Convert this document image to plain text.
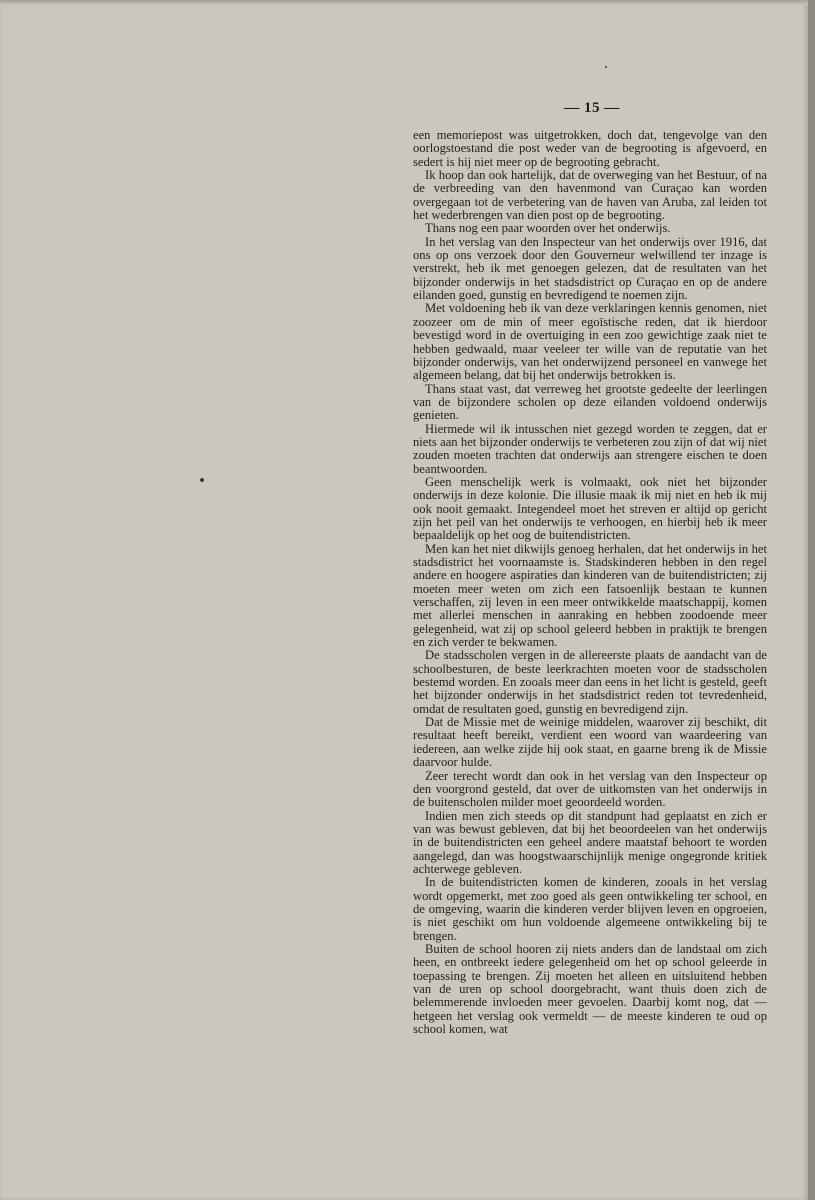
— 15 —

een memoriepost was uitgetrokken, doch dat, tengevolge van den oorlogstoestand die post weder van de begrooting is afgevoerd, en sedert is hij niet meer op de begrooting gebracht.

Ik hoop dan ook hartelijk, dat de overweging van het Bestuur, of na de verbreeding van den havenmond van Curaçao kan worden overgegaan tot de verbetering van de haven van Aruba, zal leiden tot het wederbrengen van dien post op de begrooting.

Thans nog een paar woorden over het onderwijs.

In het verslag van den Inspecteur van het onderwijs over 1916, dat ons op ons verzoek door den Gouverneur welwillend ter inzage is verstrekt, heb ik met genoegen gelezen, dat de resultaten van het bijzonder onderwijs in het stadsdistrict op Curaçao en op de andere eilanden goed, gunstig en bevredigend te noemen zijn.

Met voldoening heb ik van deze verklaringen kennis genomen, niet zoozeer om de min of meer egoïstische reden, dat ik hierdoor bevestigd word in de overtuiging in een zoo gewichtige zaak niet te hebben gedwaald, maar veeleer ter wille van de reputatie van het bijzonder onderwijs, van het onderwijzend personeel en vanwege het algemeen belang, dat bij het onderwijs betrokken is.

Thans staat vast, dat verreweg het grootste gedeelte der leerlingen van de bijzondere scholen op deze eilanden voldoend onderwijs genieten.

Hiermede wil ik intusschen niet gezegd worden te zeggen, dat er niets aan het bijzonder onderwijs te verbeteren zou zijn of dat wij niet zouden moeten trachten dat onderwijs aan strengere eischen te doen beantwoorden.

Geen menschelijk werk is volmaakt, ook niet het bijzonder onderwijs in deze kolonie. Die illusie maak ik mij niet en heb ik mij ook nooit gemaakt. Integendeel moet het streven er altijd op gericht zijn het peil van het onderwijs te verhoogen, en hierbij heb ik meer bepaaldelijk op het oog de buitendistricten.

Men kan het niet dikwijls genoeg herhalen, dat het onderwijs in het stadsdistrict het voornaamste is. Stadskinderen hebben in den regel andere en hoogere aspiraties dan kinderen van de buitendistricten; zij moeten meer weten om zich een fatsoenlijk bestaan te kunnen verschaffen, zij leven in een meer ontwikkelde maatschappij, komen met allerlei menschen in aanraking en hebben zoodoende meer gelegenheid, wat zij op school geleerd hebben in praktijk te brengen en zich verder te bekwamen.

De stadsscholen vergen in de allereerste plaats de aandacht van de schoolbesturen, de beste leerkrachten moeten voor de stadsscholen bestemd worden. En zooals meer dan eens in het licht is gesteld, geeft het bijzonder onderwijs in het stadsdistrict reden tot tevredenheid, omdat de resultaten goed, gunstig en bevredigend zijn.

Dat de Missie met de weinige middelen, waarover zij beschikt, dit resultaat heeft bereikt, verdient een woord van waardeering van iedereen, aan welke zijde hij ook staat, en gaarne breng ik de Missie daarvoor hulde.

Zeer terecht wordt dan ook in het verslag van den Inspecteur op den voorgrond gesteld, dat over de uitkomsten van het onderwijs in de buitenscholen milder moet geoordeeld worden.

Indien men zich steeds op dit standpunt had geplaatst en zich er van was bewust gebleven, dat bij het beoordeelen van het onderwijs in de buitendistricten een geheel andere maatstaf behoort te worden aangelegd, dan was hoogstwaarschijnlijk menige ongegronde kritiek achterwege gebleven.

In de buitendistricten komen de kinderen, zooals in het verslag wordt opgemerkt, met zoo goed als geen ontwikkeling ter school, en de omgeving, waarin die kinderen verder blijven leven en opgroeien, is niet geschikt om hun voldoende algemeene ontwikkeling bij te brengen.

Buiten de school hooren zij niets anders dan de landstaal om zich heen, en ontbreekt iedere gelegenheid om het op school geleerde in toepassing te brengen. Zij moeten het alleen en uitsluitend hebben van de uren op school doorgebracht, want thuis doen zich de belemmerende invloeden meer gevoelen. Daarbij komt nog, dat — hetgeen het verslag ook vermeldt — de meeste kinderen te oud op school komen, wat
